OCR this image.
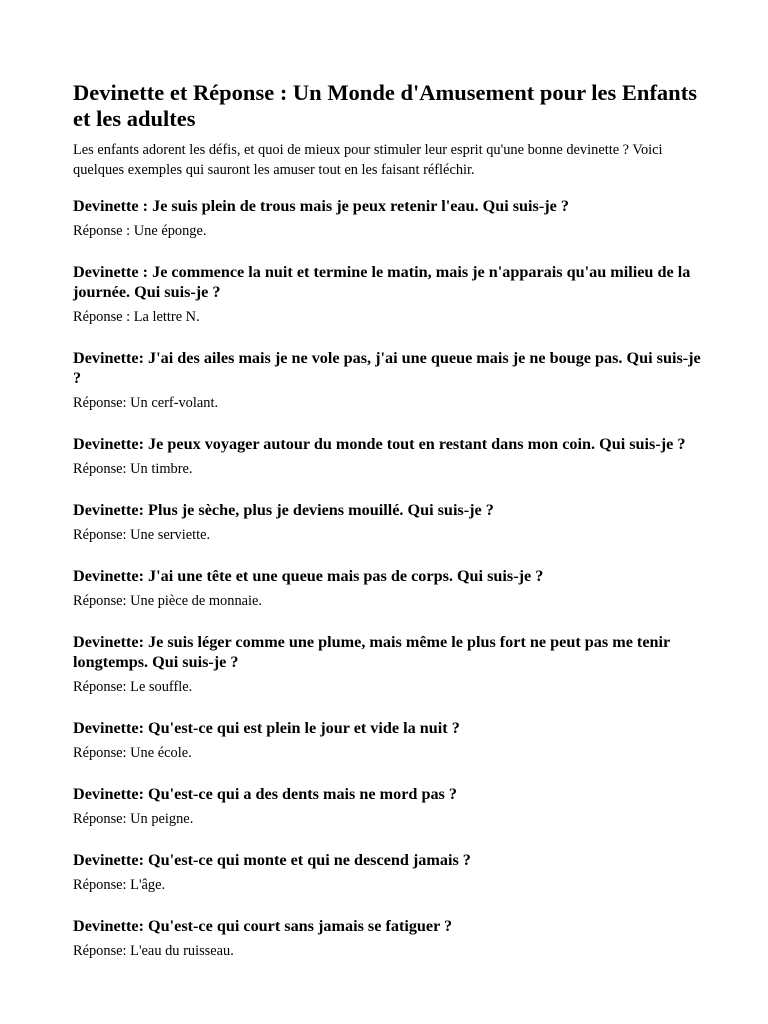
Devinette et Réponse : Un Monde d'Amusement pour les Enfants et les adultes

Les enfants adorent les défis, et quoi de mieux pour stimuler leur esprit qu'une bonne devinette ? Voici quelques exemples qui sauront les amuser tout en les faisant réfléchir.

Devinette : Je suis plein de trous mais je peux retenir l'eau. Qui suis-je ?

Réponse : Une éponge.

Devinette : Je commence la nuit et termine le matin, mais je n'apparais qu'au milieu de la journée. Qui suis-je ?

Réponse : La lettre N.

Devinette: J'ai des ailes mais je ne vole pas, j'ai une queue mais je ne bouge pas. Qui suis-je ?

Réponse: Un cerf-volant.

Devinette: Je peux voyager autour du monde tout en restant dans mon coin. Qui suis-je ?

Réponse: Un timbre.

Devinette: Plus je sèche, plus je deviens mouillé. Qui suis-je ?

Réponse: Une serviette.

Devinette: J'ai une tête et une queue mais pas de corps. Qui suis-je ?

Réponse: Une pièce de monnaie.

Devinette: Je suis léger comme une plume, mais même le plus fort ne peut pas me tenir longtemps. Qui suis-je ?

Réponse: Le souffle.

Devinette: Qu'est-ce qui est plein le jour et vide la nuit ?

Réponse: Une école.

Devinette: Qu'est-ce qui a des dents mais ne mord pas ?

Réponse: Un peigne.

Devinette: Qu'est-ce qui monte et qui ne descend jamais ?

Réponse: L'âge.

Devinette: Qu'est-ce qui court sans jamais se fatiguer ?

Réponse: L'eau du ruisseau.
